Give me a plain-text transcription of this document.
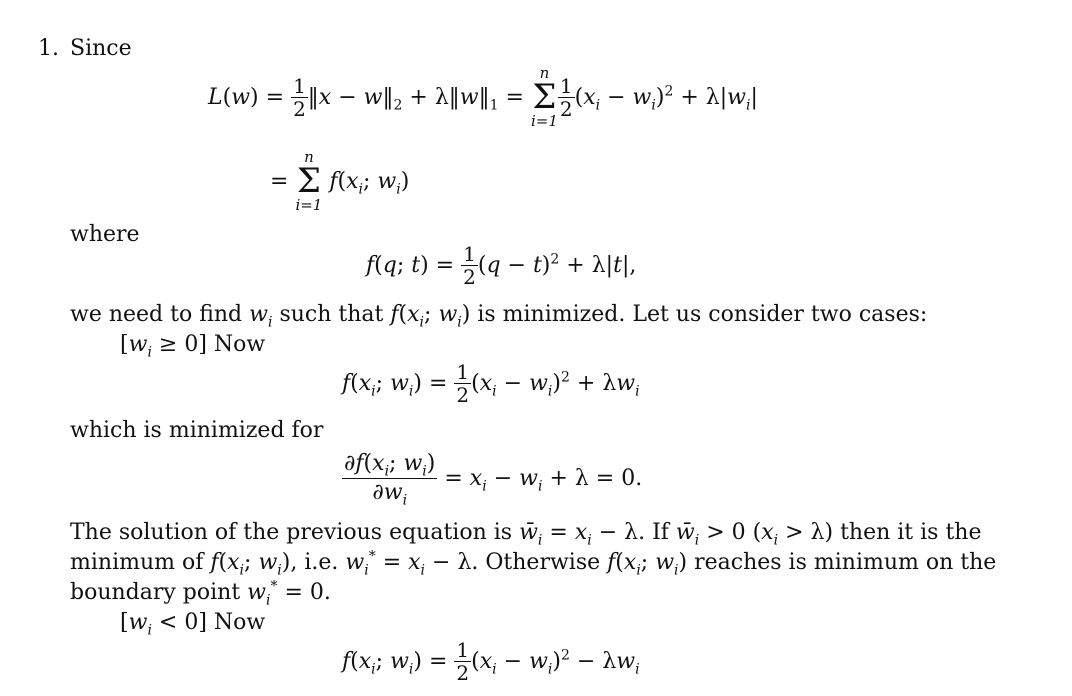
1. Since
$L(w) = \frac{1}{2}$ ‖x − $w‖_2$ + $\lambda‖w‖_1$ =
n
Σ
i=1
$\frac{1}{2} (x_i - w_i)^2 + \lambda|w_i|$
=
n
Σ
i=1
$f(x_i$; $w_i$)
where
f(q; $t) = \frac{1}{2} (q - t)^2 + \lambda|t|$,
we need to find $w_i$ such that $f(x_i$; $w_i$) is minimized. Let us consider two cases:
$[w_i \ge 0]$ Now
$f(x_i$; $w_i) = \frac{1}{2} (x_i - w_i)^2 + \lambda w_i$
which is minimized for
$\frac{\partial f(x_i; w_i)}{\partial w_i} = x_i - w_i + \lambda = 0$.
The solution of the previous equation is $w̄_i = x_i - \lambda$. If $w̄_i > 0$ $(x_i > \lambda)$ then it is the
minimum of $f(x_i$; $w_i$), i.e. $w_i^* = x_i - \lambda$. Otherwise $f(x_i$; $w_i$) reaches is minimum on the
boundary point $w_i^* = 0$.
$[w_i < 0]$ Now
$f(x_i$; $w_i) = \frac{1}{2} (x_i - w_i)^2 - \lambda w_i$
